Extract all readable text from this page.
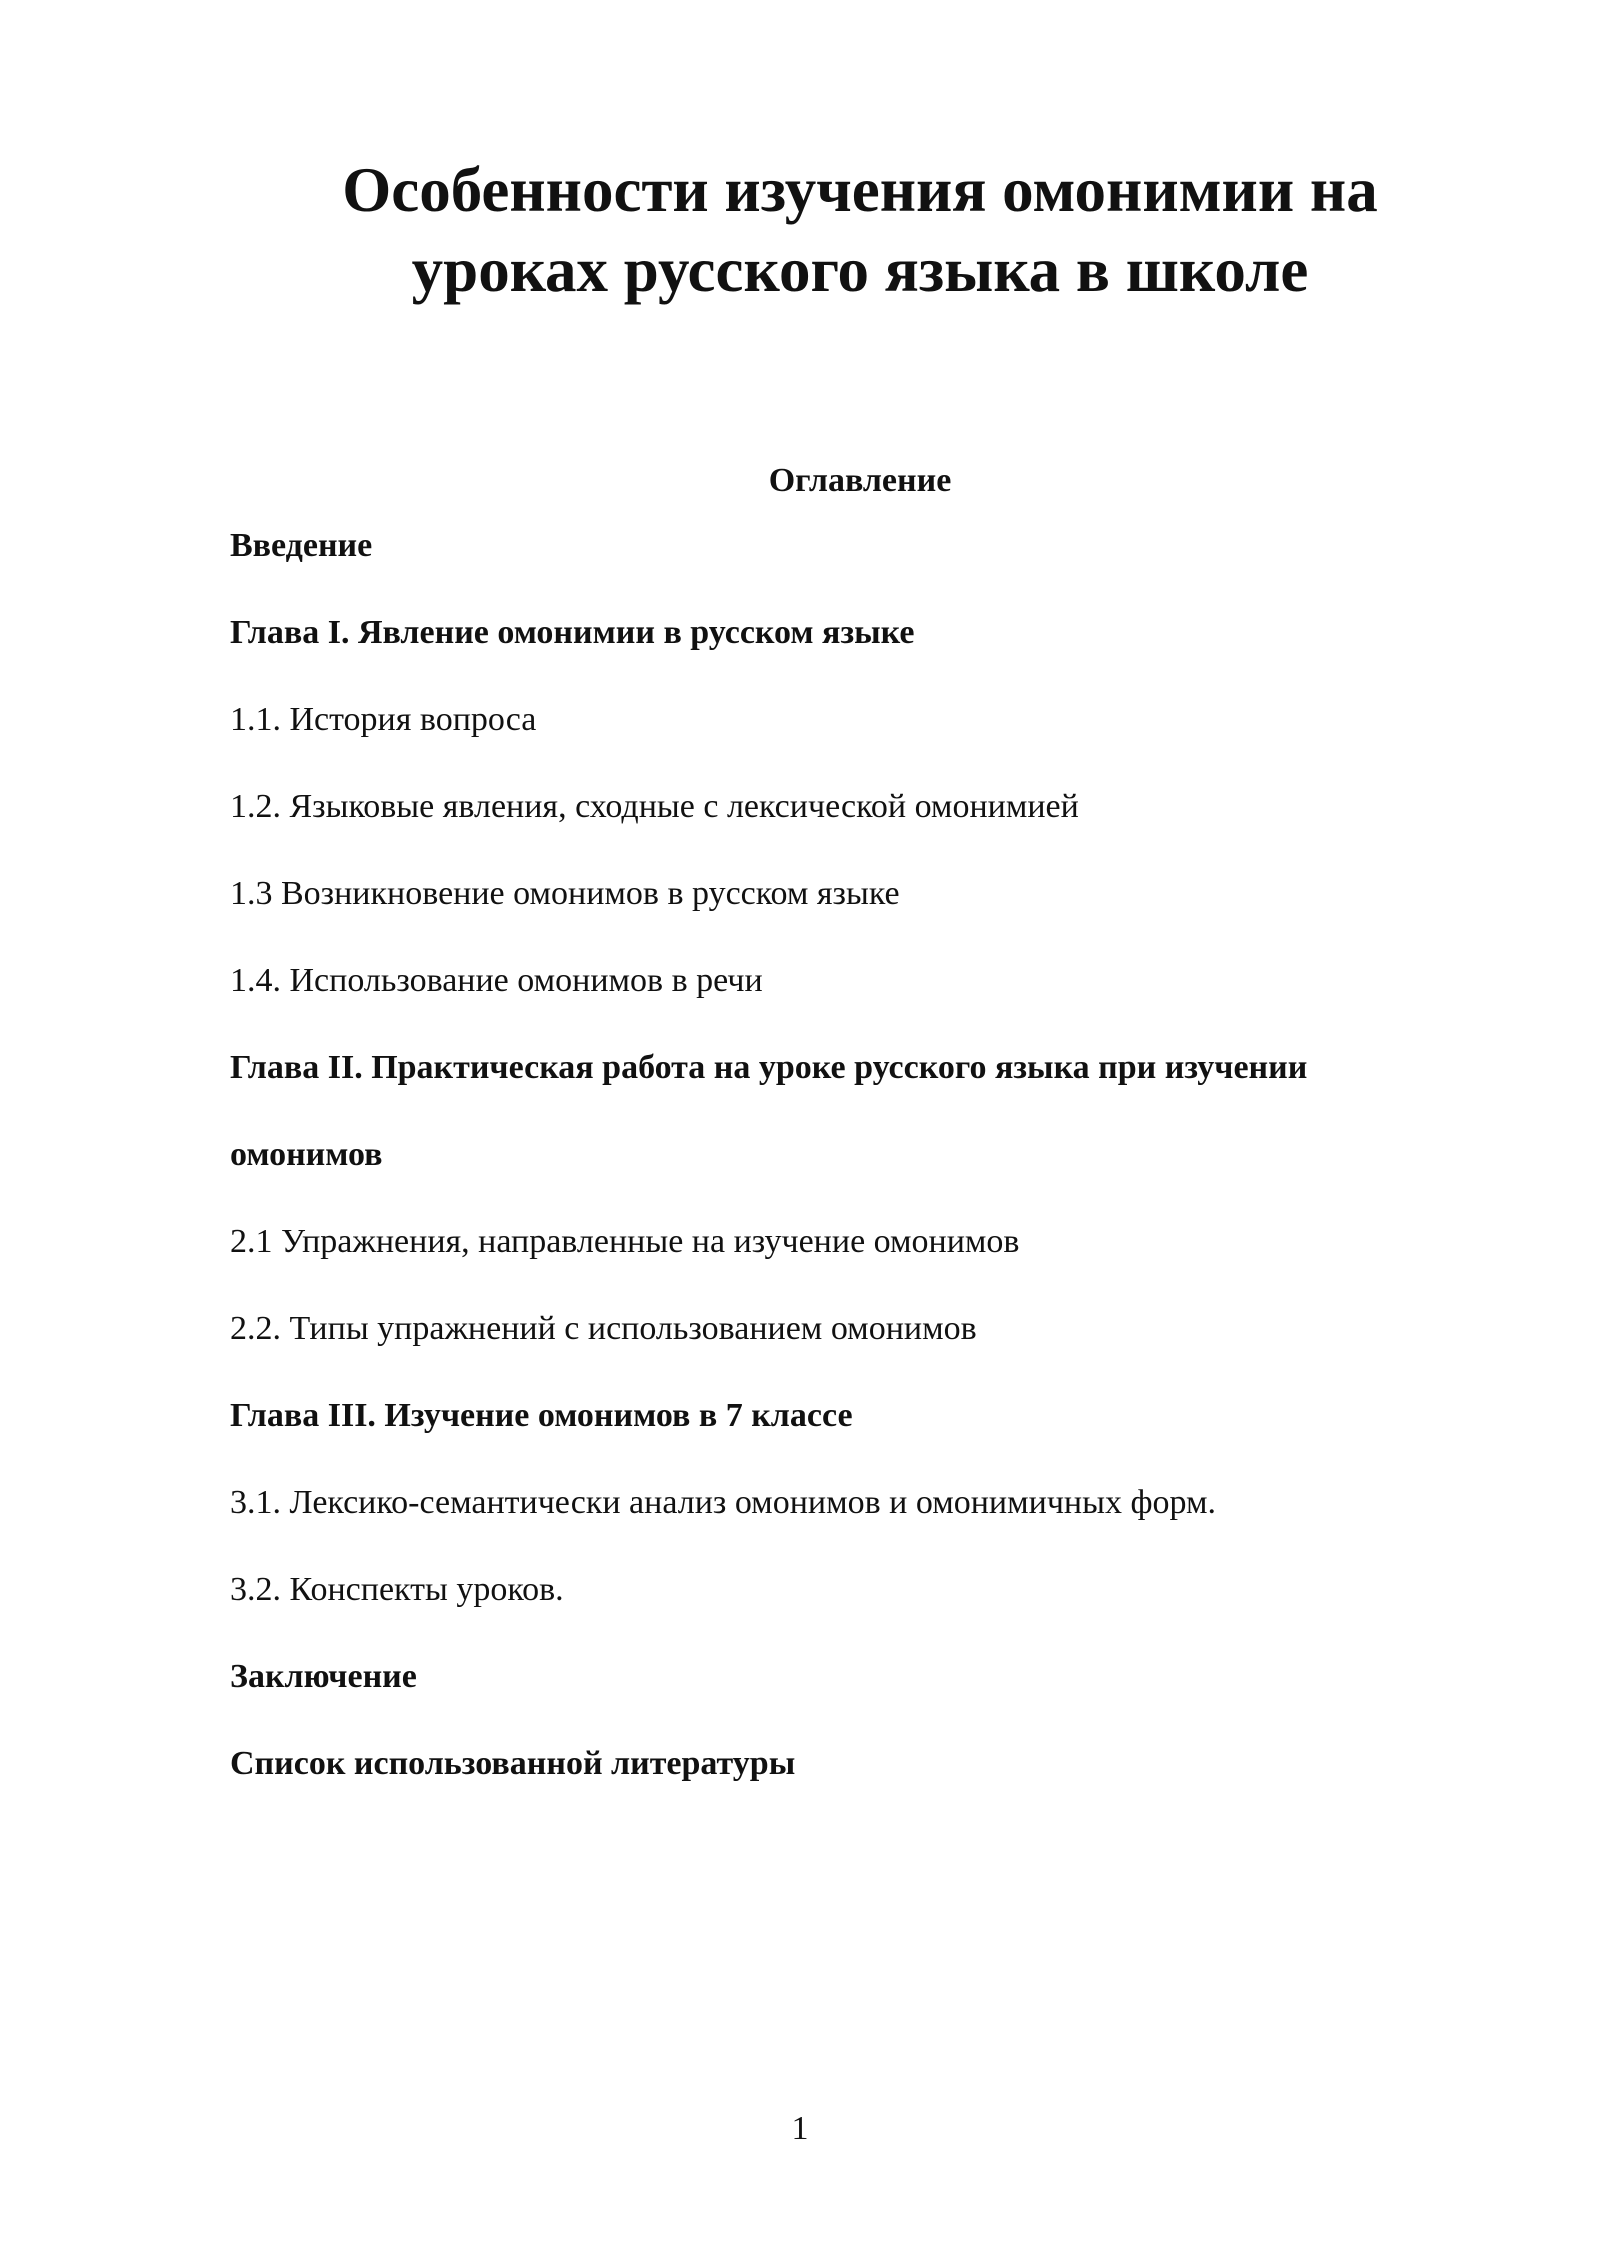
Особенности изучения омонимии на
уроках русского языка в школе
Оглавление
Введение
Глава I. Явление омонимии в русском языке
1.1. История вопроса
1.2. Языковые явления, сходные с лексической омонимией
1.3 Возникновение омонимов в русском языке
1.4. Использование омонимов в речи
Глава II. Практическая работа на уроке русского языка при изучении
омонимов
2.1 Упражнения, направленные на изучение омонимов
2.2. Типы упражнений с использованием омонимов
Глава III. Изучение омонимов в 7 классе
3.1. Лексико-семантически анализ омонимов и омонимичных форм.
3.2. Конспекты уроков.
Заключение
Список использованной литературы

1
